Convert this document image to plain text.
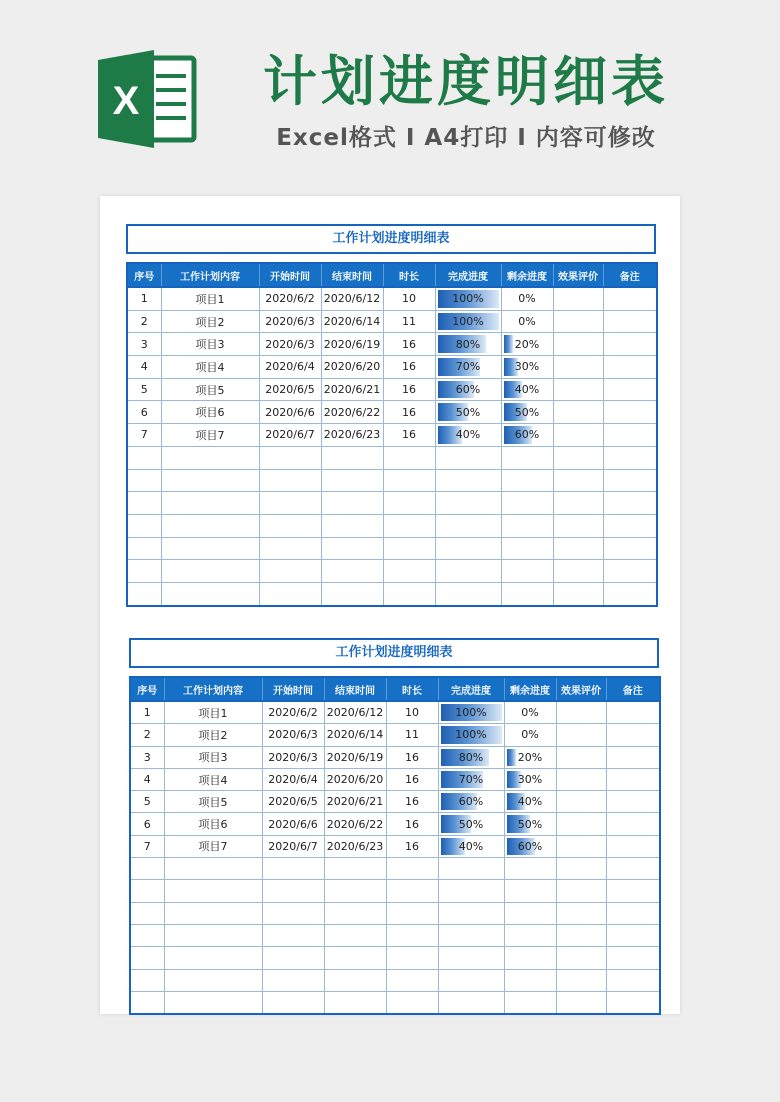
X	计划进度明细表
Excel格式 I A4打印 I 内容可修改
工作计划进度明细表
序号	工作计划内容	开始时间	结束时间	时长	完成进度	剩余进度	效果评价	备注
1	项目1	2020/6/2	2020/6/12	10	100%	0%		
2	项目2	2020/6/3	2020/6/14	11	100%	0%		
3	项目3	2020/6/3	2020/6/19	16	80%	20%		
4	项目4	2020/6/4	2020/6/20	16	70%	30%		
5	项目5	2020/6/5	2020/6/21	16	60%	40%		
6	项目6	2020/6/6	2020/6/22	16	50%	50%		
7	项目7	2020/6/7	2020/6/23	16	40%	60%		

工作计划进度明细表
序号	工作计划内容	开始时间	结束时间	时长	完成进度	剩余进度	效果评价	备注
1	项目1	2020/6/2	2020/6/12	10	100%	0%		
2	项目2	2020/6/3	2020/6/14	11	100%	0%		
3	项目3	2020/6/3	2020/6/19	16	80%	20%		
4	项目4	2020/6/4	2020/6/20	16	70%	30%		
5	项目5	2020/6/5	2020/6/21	16	60%	40%		
6	项目6	2020/6/6	2020/6/22	16	50%	50%		
7	项目7	2020/6/7	2020/6/23	16	40%	60%		
